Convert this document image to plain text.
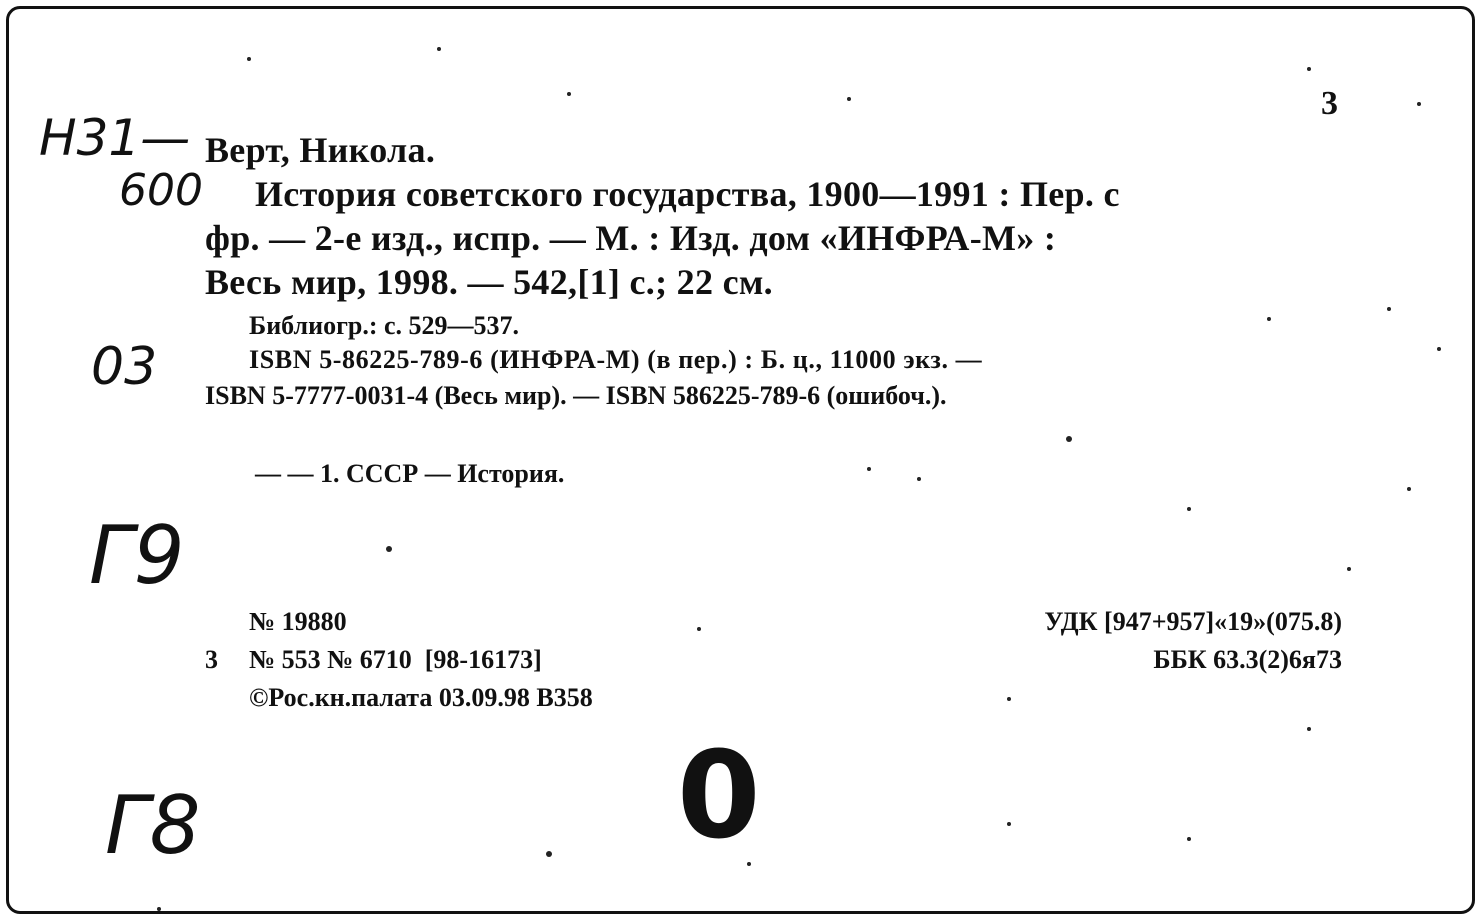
3
Н31—
600
03
Г9
Г8	0
Верт, Никола.
История советского государства, 1900—1991 : Пер. с
фр. — 2-е изд., испр. — М. : Изд. дом «ИНФРА-М» :
Весь мир, 1998. — 542,[1] с.; 22 см.
Библиогр.: с. 529—537.
ISBN 5-86225-789-6 (ИНФРА-М) (в пер.) : Б. ц., 11000 экз. —
ISBN 5-7777-0031-4 (Весь мир). — ISBN 586225-789-6 (ошибоч.).
— — 1. СССР — История.
№ 19880
3 № 553 № 6710  [98-16173]
©Рос.кн.палата 03.09.98 В358
УДК [947+957]«19»(075.8)
ББК 63.3(2)6я73
